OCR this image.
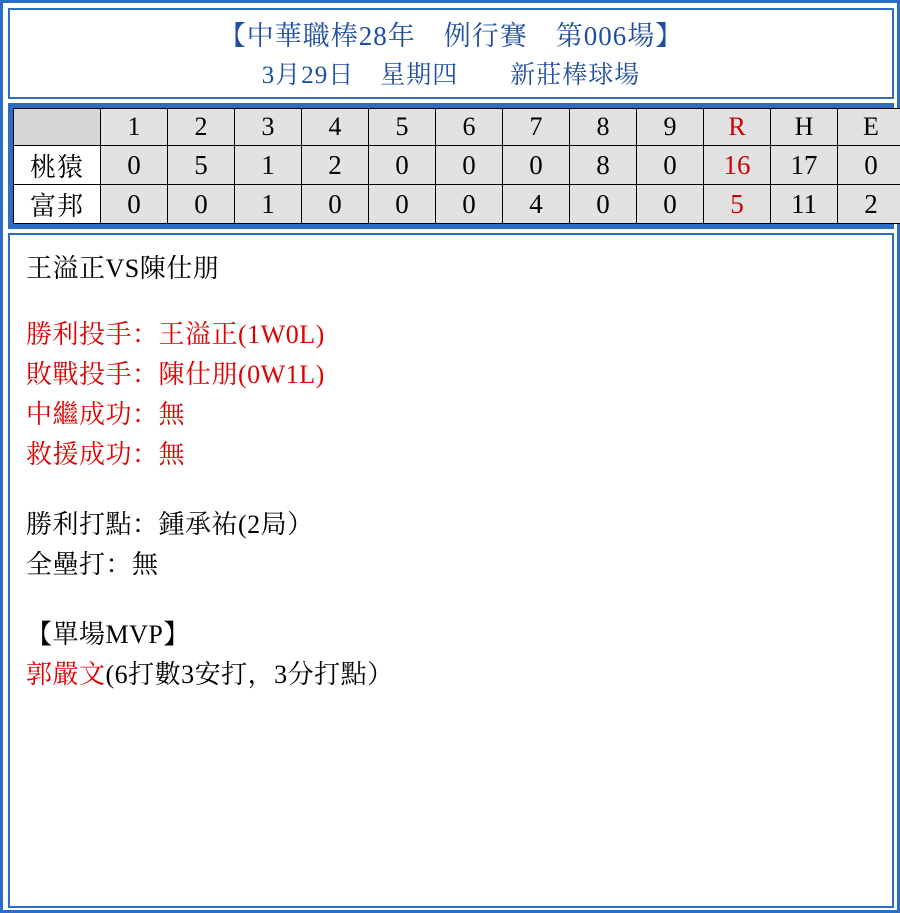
【中華職棒28年　例行賽　第006場】
3月29日　星期四　　新莊棒球場
	1	2	3	4	5	6	7	8	9	R	H	E
桃猿	0	5	1	2	0	0	0	8	0	16	17	0
富邦	0	0	1	0	0	0	4	0	0	5	11	2
王溢正VS陳仕朋
勝利投手：王溢正(1W0L)
敗戰投手：陳仕朋(0W1L)
中繼成功：無
救援成功：無
勝利打點：鍾承祐(2局）
全壘打：無
【單場MVP】
郭嚴文(6打數3安打，3分打點）
